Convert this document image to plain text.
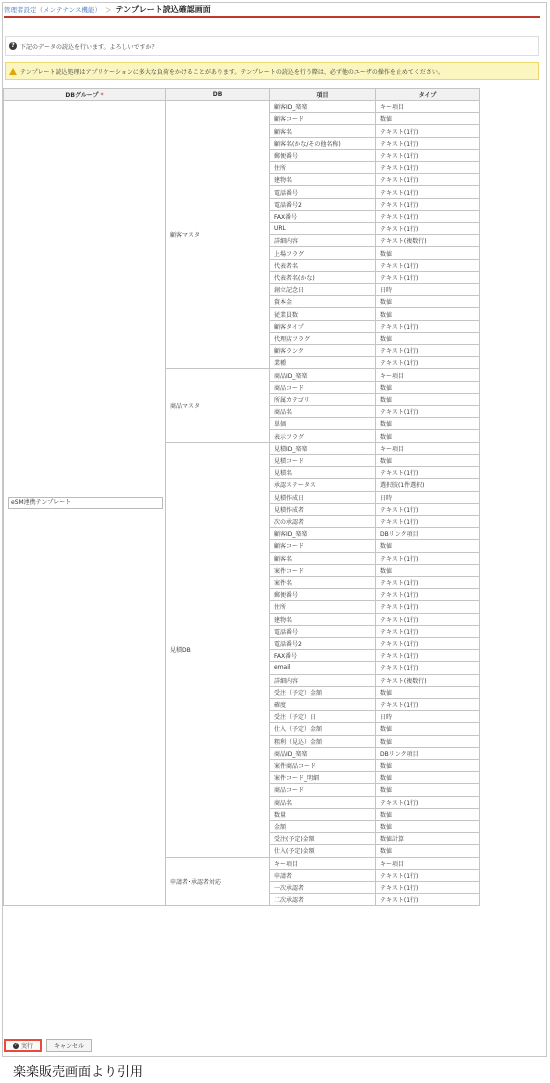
管理者設定（メンテナンス機能） ＞ テンプレート読込確認画面
? 下記のデータの読込を行います。よろしいですか？
テンプレート読込処理はアプリケーションに多大な負荷をかけることがあります。テンプレートの読込を行う際は、必ず他のユーザの操作を止めてください。
DBグループ *	DB	項目	タイプ

eSM連携テンプレート	顧客マスタ	顧客ID_楽楽	キー項目
		顧客コード	数値
		顧客名	テキスト(1行)
		顧客名(かな/その他名称)	テキスト(1行)
		郵便番号	テキスト(1行)
		住所	テキスト(1行)
		建物名	テキスト(1行)
		電話番号	テキスト(1行)
		電話番号2	テキスト(1行)
		FAX番号	テキスト(1行)
		URL	テキスト(1行)
		詳細内容	テキスト(複数行)
		上場フラグ	数値
		代表者名	テキスト(1行)
		代表者名(かな)	テキスト(1行)
		創立記念日	日時
		資本金	数値
		従業員数	数値
		顧客タイプ	テキスト(1行)
		代理店フラグ	数値
		顧客ランク	テキスト(1行)
		業種	テキスト(1行)
	商品マスタ	商品ID_楽楽	キー項目
		商品コード	数値
		所属カテゴリ	数値
		商品名	テキスト(1行)
		単価	数値
		表示フラグ	数値
	見積DB	見積ID_楽楽	キー項目
		見積コード	数値
		見積名	テキスト(1行)
		承認ステータス	選択肢(1件選択)
		見積作成日	日時
		見積作成者	テキスト(1行)
		次の承認者	テキスト(1行)
		顧客ID_楽楽	DBリンク項目
		顧客コード	数値
		顧客名	テキスト(1行)
		案件コード	数値
		案件名	テキスト(1行)
		郵便番号	テキスト(1行)
		住所	テキスト(1行)
		建物名	テキスト(1行)
		電話番号	テキスト(1行)
		電話番号2	テキスト(1行)
		FAX番号	テキスト(1行)
		email	テキスト(1行)
		詳細内容	テキスト(複数行)
		受注（予定）金額	数値
		確度	テキスト(1行)
		受注（予定）日	日時
		仕入（予定）金額	数値
		粗利（見込）金額	数値
		商品ID_楽楽	DBリンク項目
		案件商品コード	数値
		案件コード_明細	数値
		商品コード	数値
		商品名	テキスト(1行)
		数量	数値
		金額	数値
		受注(予定)金額	数値計算
		仕入(予定)金額	数値
	申請者･承認者対応	キー項目	キー項目
		申請者	テキスト(1行)
		一次承認者	テキスト(1行)
		二次承認者	テキスト(1行)
✓ 実行	キャンセル
楽楽販売画面より引用
